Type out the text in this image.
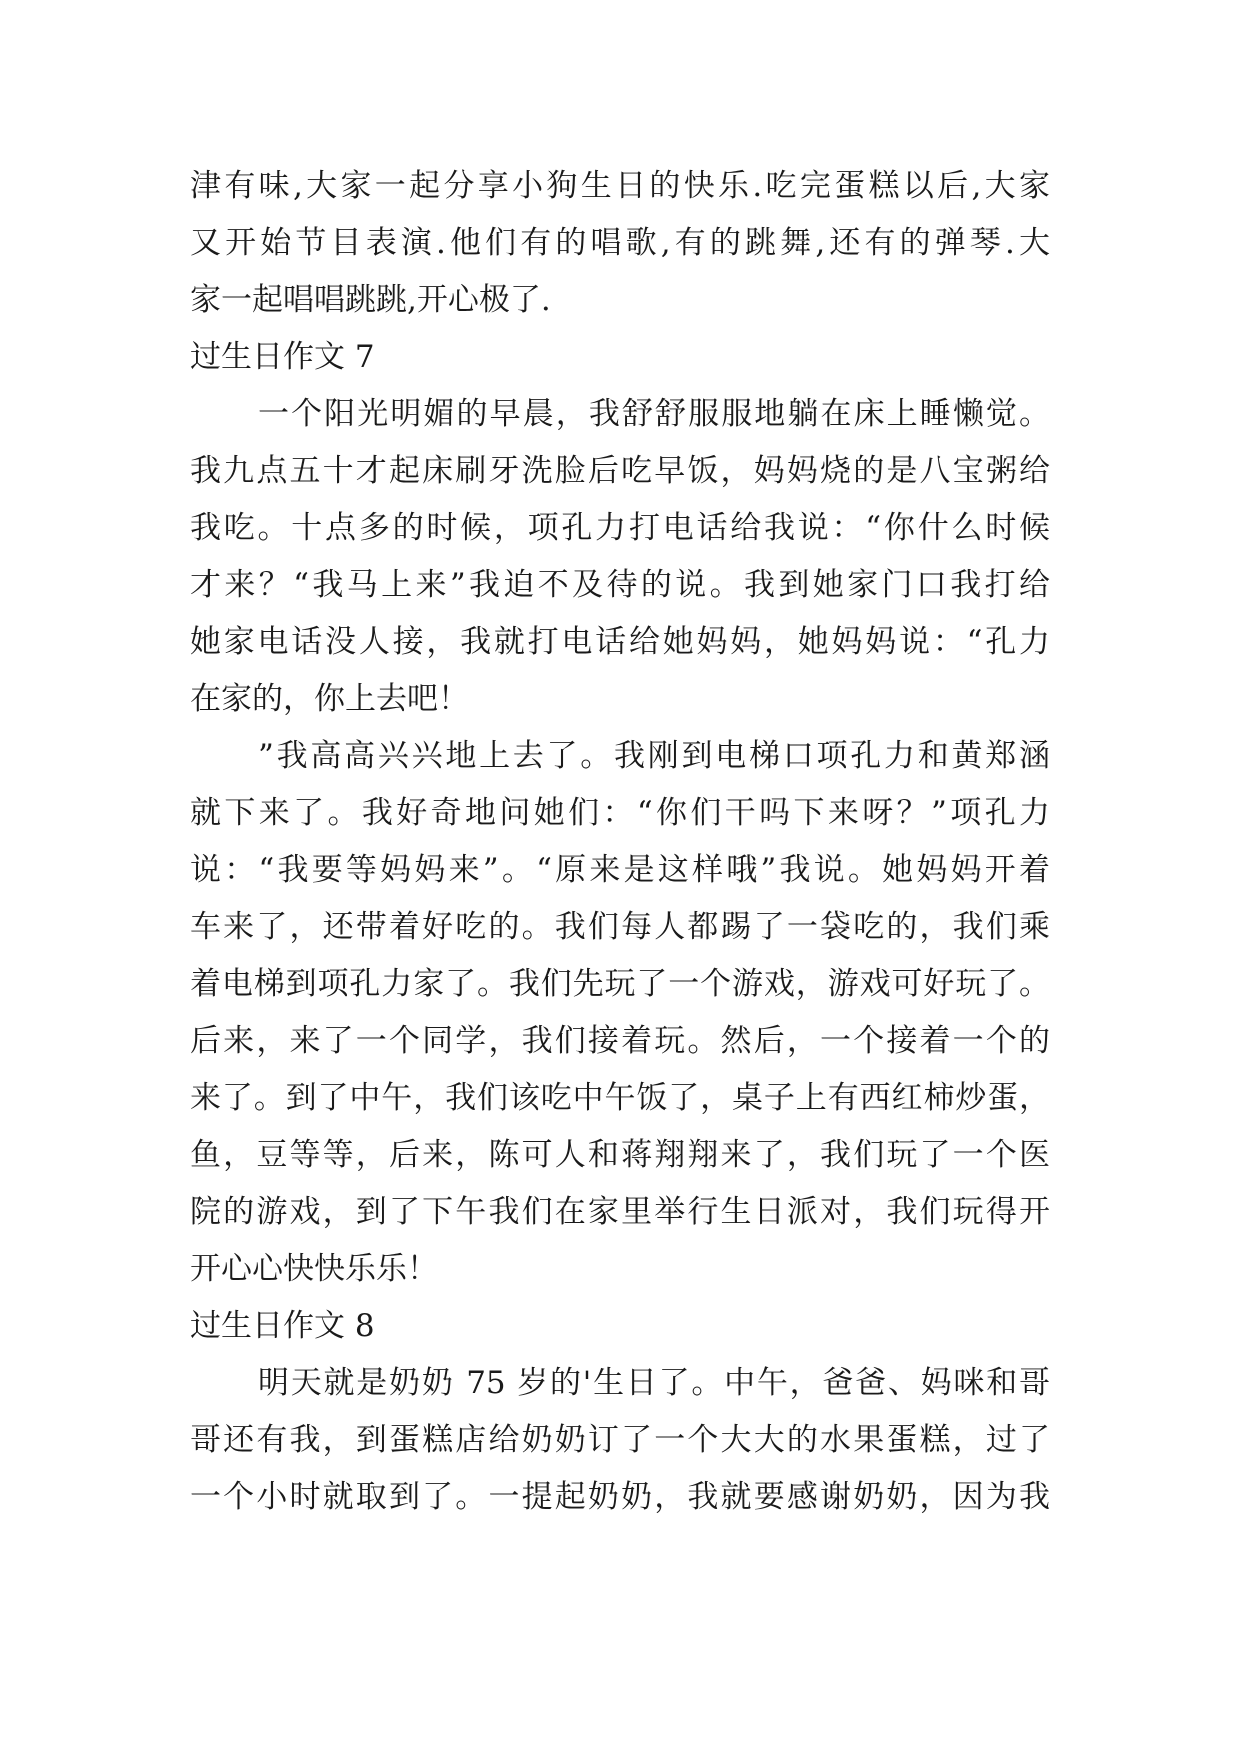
津有味,大家一起分享小狗生日的快乐.吃完蛋糕以后,大家
又开始节目表演.他们有的唱歌,有的跳舞,还有的弹琴.大
家一起唱唱跳跳,开心极了.
过生日作文 7
一个阳光明媚的早晨，我舒舒服服地躺在床上睡懒觉。
我九点五十才起床刷牙洗脸后吃早饭，妈妈烧的是八宝粥给
我吃。十点多的时候，项孔力打电话给我说：“你什么时候
才来？“我马上来”我迫不及待的说。我到她家门口我打给
她家电话没人接，我就打电话给她妈妈，她妈妈说：“孔力
在家的，你上去吧！
”我高高兴兴地上去了。我刚到电梯口项孔力和黄郑涵
就下来了。我好奇地问她们：“你们干吗下来呀？”项孔力
说：“我要等妈妈来”。“原来是这样哦”我说。她妈妈开着
车来了，还带着好吃的。我们每人都踢了一袋吃的，我们乘
着电梯到项孔力家了。我们先玩了一个游戏，游戏可好玩了。
后来，来了一个同学，我们接着玩。然后，一个接着一个的
来了。到了中午，我们该吃中午饭了，桌子上有西红柿炒蛋，
鱼，豆等等，后来，陈可人和蒋翔翔来了，我们玩了一个医
院的游戏，到了下午我们在家里举行生日派对，我们玩得开
开心心快快乐乐！
过生日作文 8
明天就是奶奶 75 岁的'生日了。中午，爸爸、妈咪和哥
哥还有我，到蛋糕店给奶奶订了一个大大的水果蛋糕，过了
一个小时就取到了。一提起奶奶，我就要感谢奶奶，因为我
